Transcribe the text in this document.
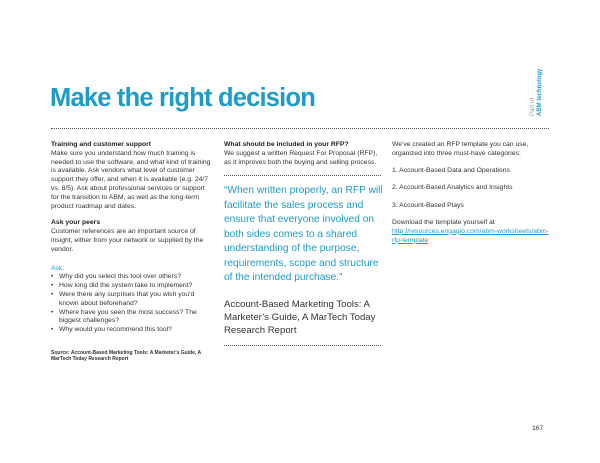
Make the right decision	Part VI ABM technology

Training and customer support

Make sure you understand how much training is needed to use the software, and what kind of training is available. Ask vendors what level of customer support they offer, and when it is available (e.g. 24/7 vs. 8/5). Ask about professional services or support for the transition to ABM, as well as the long-term product roadmap and dates.

Ask your peers

Customer references are an important source of insight, either from your network or supplied by the vendor.

Ask:

• Why did you select this tool over others?
• How long did the system take to implement?
• Were there any surprises that you wish you'd known about beforehand?
• Where have you seen the most success? The biggest challenges?
• Why would you recommend this tool?

Source: Account-Based Marketing Tools: A Marketer's Guide, A MarTech Today Research Report

What should be included in your RFP?

We suggest a written Request For Proposal (RFP), as it improves both the buying and selling process.

“When written properly, an RFP will facilitate the sales process and ensure that everyone involved on both sides comes to a shared understanding of the purpose, requirements, scope and structure of the intended purchase.”

Account-Based Marketing Tools: A Marketer’s Guide, A MarTech Today Research Report

We've created an RFP template you can use, organized into three must-have categories:

1. Account-Based Data and Operations

2. Account-Based Analytics and Insights

3. Account-Based Plays

Download the template yourself at

http://resources.engagio.com/abm-worksheets/abm-rfp-template
167
